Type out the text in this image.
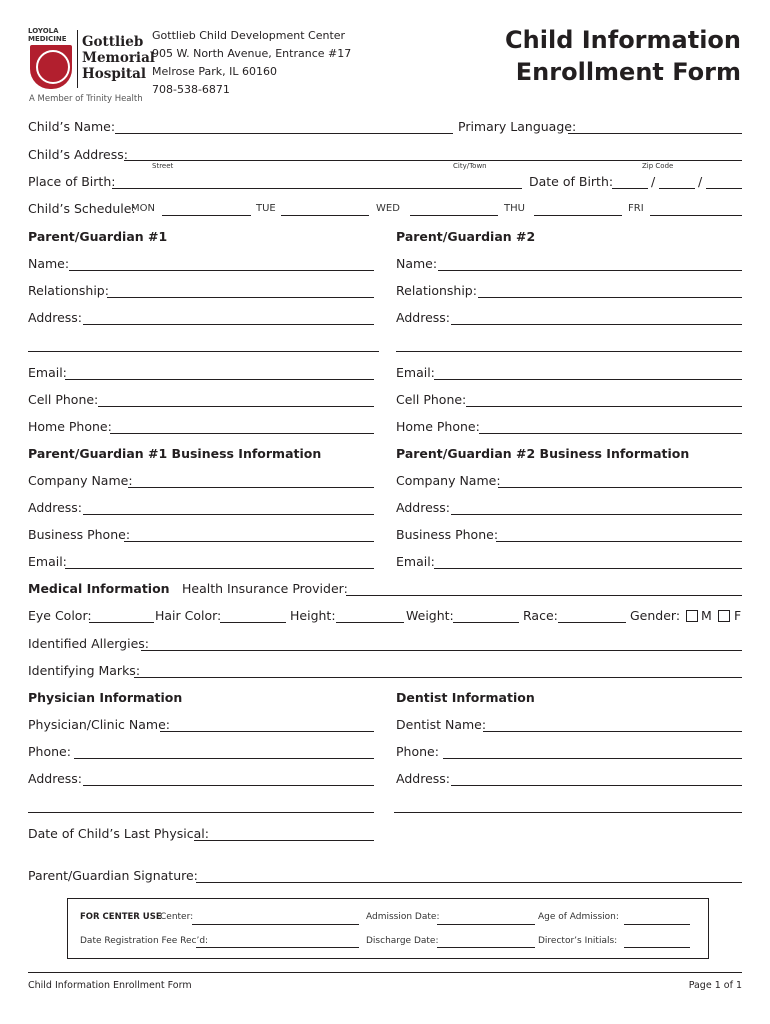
LOYOLA MEDICINE	Gottlieb
Memorial
Hospital
A Member of Trinity Health
Gottlieb Child Development Center
905 W. North Avenue, Entrance #17
Melrose Park, IL 60160
708-538-6871
Child Information
Enrollment Form
Child’s Name:	Primary Language:
Child’s Address:
Street	City/Town	Zip Code
Place of Birth:	Date of Birth:	/	/
Child’s Schedule:
MON	TUE	WED	THU	FRI
Parent/Guardian #1
Name:
Relationship:
Address:
Email:
Cell Phone:
Home Phone:
Parent/Guardian #2
Name:
Relationship:
Address:
Email:
Cell Phone:
Home Phone:
Parent/Guardian #1 Business Information
Company Name:
Address:
Business Phone:
Email:
Parent/Guardian #2 Business Information
Company Name:
Address:
Business Phone:
Email:
Medical Information Health Insurance Provider:
Eye Color:	Hair Color:	Height:	Weight:	Race:	Gender: M F
Identified Allergies:
Identifying Marks:
Physician Information
Physician/Clinic Name:
Phone:
Address:
Date of Child’s Last Physical:
Dentist Information
Dentist Name:
Phone:
Address:
Parent/Guardian Signature:
FOR CENTER USE
Center:	Admission Date:	Age of Admission:
Date Registration Fee Rec’d:	Discharge Date:	Director’s Initials:
Child Information Enrollment Form	Page 1 of 1
